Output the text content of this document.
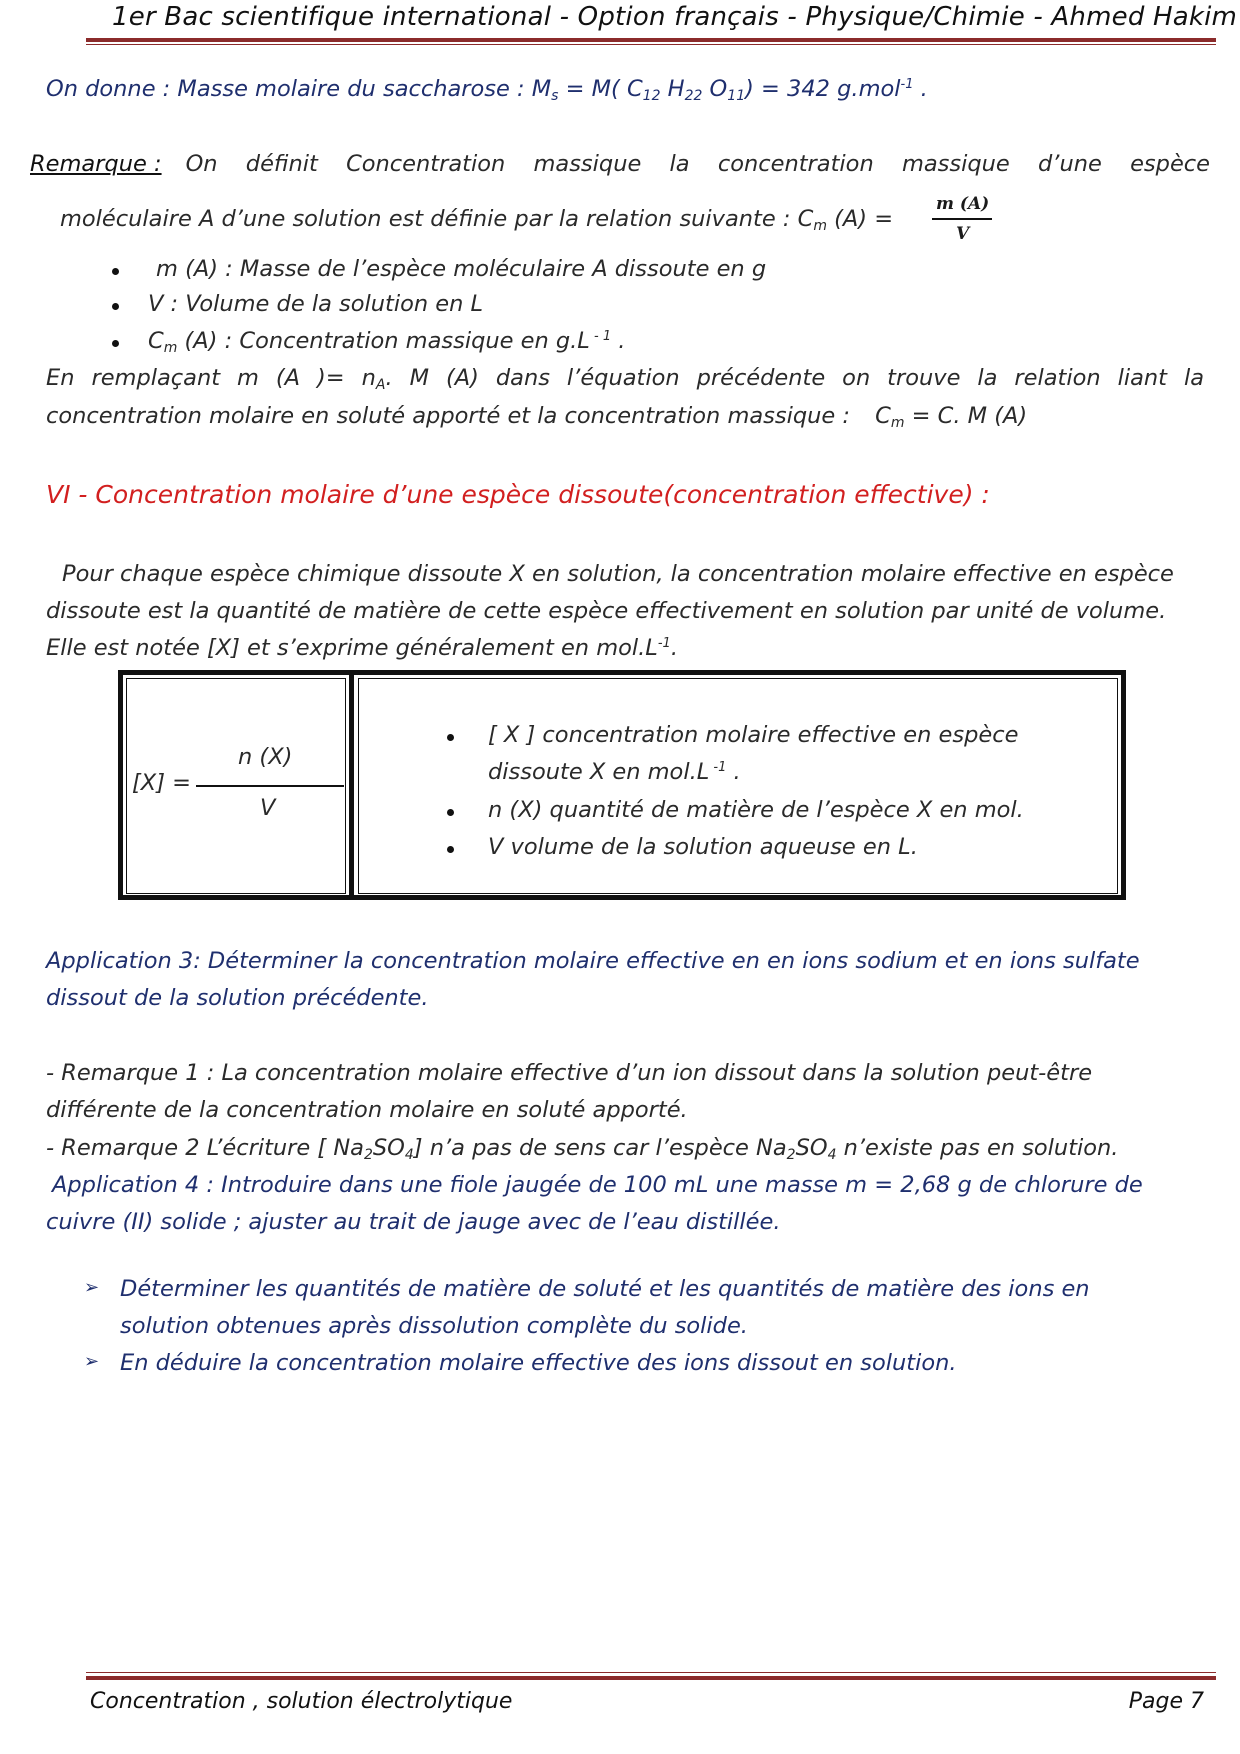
1er Bac scientifique international - Option français - Physique/Chimie - Ahmed Hakim
On donne : Masse molaire du saccharose : $M_s = M$( $C_{12}$ $H_{22}$ $O_{11}) = 342$ g.mol$^{-1}$ .
Remarque : On définit Concentration massique la concentration massique d’une espèce
moléculaire A d’une solution est définie par la relation suivante : $C_m$ (A) =
m (A)
V
m (A) : Masse de l’espèce moléculaire A dissoute en g
V : Volume de la solution en L
$C_m$ (A) : Concentration massique en g.L $^{- 1}$ .
En remplaçant m (A )= $n_A$. M (A) dans l’équation précédente on trouve la relation liant la
concentration molaire en soluté apporté et la concentration massique : $C_m = C$. M (A)
VI - Concentration molaire d’une espèce dissoute(concentration effective) :
Pour chaque espèce chimique dissoute X en solution, la concentration molaire effective en espèce
dissoute est la quantité de matière de cette espèce effectivement en solution par unité de volume.
Elle est notée [X] et s’exprime généralement en $mol.L^{-1}$.
[X] =
n (X)
V
[ X ] concentration molaire effective en espèce
dissoute X en mol.L $^{-1}$ .
n (X) quantité de matière de l’espèce X en mol.
V volume de la solution aqueuse en L.
Application 3: Déterminer la concentration molaire effective en en ions sodium et en ions sulfate
dissout de la solution précédente.
- Remarque 1 : La concentration molaire effective d’un ion dissout dans la solution peut-être
différente de la concentration molaire en soluté apporté.
- Remarque 2 L’écriture [ $Na_2SO_4$] n’a pas de sens car l’espèce $Na_2SO_4$ n’existe pas en solution.
Application 4 : Introduire dans une fiole jaugée de 100 mL une masse m = 2,68 g de chlorure de
cuivre (II) solide ; ajuster au trait de jauge avec de l’eau distillée.
➢ Déterminer les quantités de matière de soluté et les quantités de matière des ions en
solution obtenues après dissolution complète du solide.
➢ En déduire la concentration molaire effective des ions dissout en solution.
Concentration , solution électrolytique	Page 7
